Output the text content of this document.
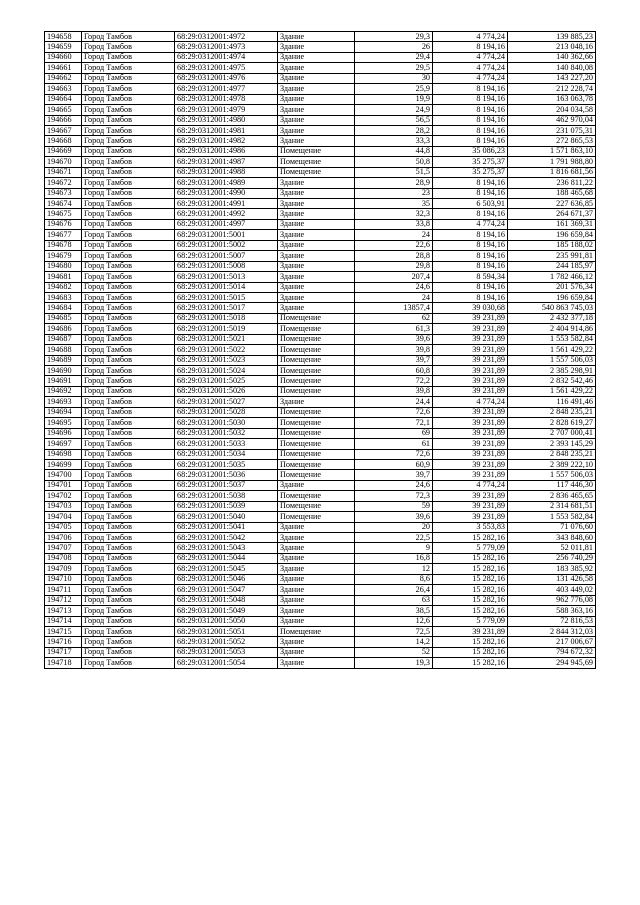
194658	Город Тамбов	68:29:0312001:4972	Здание	29,3	4 774,24	139 885,23
194659	Город Тамбов	68:29:0312001:4973	Здание	26	8 194,16	213 048,16
194660	Город Тамбов	68:29:0312001:4974	Здание	29,4	4 774,24	140 362,66
194661	Город Тамбов	68:29:0312001:4975	Здание	29,5	4 774,24	140 840,08
194662	Город Тамбов	68:29:0312001:4976	Здание	30	4 774,24	143 227,20
194663	Город Тамбов	68:29:0312001:4977	Здание	25,9	8 194,16	212 228,74
194664	Город Тамбов	68:29:0312001:4978	Здание	19,9	8 194,16	163 063,78
194665	Город Тамбов	68:29:0312001:4979	Здание	24,9	8 194,16	204 034,58
194666	Город Тамбов	68:29:0312001:4980	Здание	56,5	8 194,16	462 970,04
194667	Город Тамбов	68:29:0312001:4981	Здание	28,2	8 194,16	231 075,31
194668	Город Тамбов	68:29:0312001:4982	Здание	33,3	8 194,16	272 865,53
194669	Город Тамбов	68:29:0312001:4986	Помещение	44,8	35 086,23	1 571 863,10
194670	Город Тамбов	68:29:0312001:4987	Помещение	50,8	35 275,37	1 791 988,80
194671	Город Тамбов	68:29:0312001:4988	Помещение	51,5	35 275,37	1 816 681,56
194672	Город Тамбов	68:29:0312001:4989	Здание	28,9	8 194,16	236 811,22
194673	Город Тамбов	68:29:0312001:4990	Здание	23	8 194,16	188 465,68
194674	Город Тамбов	68:29:0312001:4991	Здание	35	6 503,91	227 636,85
194675	Город Тамбов	68:29:0312001:4992	Здание	32,3	8 194,16	264 671,37
194676	Город Тамбов	68:29:0312001:4997	Здание	33,8	4 774,24	161 369,31
194677	Город Тамбов	68:29:0312001:5001	Здание	24	8 194,16	196 659,84
194678	Город Тамбов	68:29:0312001:5002	Здание	22,6	8 194,16	185 188,02
194679	Город Тамбов	68:29:0312001:5007	Здание	28,8	8 194,16	235 991,81
194680	Город Тамбов	68:29:0312001:5008	Здание	29,8	8 194,16	244 185,97
194681	Город Тамбов	68:29:0312001:5013	Здание	207,4	8 594,34	1 782 466,12
194682	Город Тамбов	68:29:0312001:5014	Здание	24,6	8 194,16	201 576,34
194683	Город Тамбов	68:29:0312001:5015	Здание	24	8 194,16	196 659,84
194684	Город Тамбов	68:29:0312001:5017	Здание	13857,4	39 030,68	540 863 745,03
194685	Город Тамбов	68:29:0312001:5018	Помещение	62	39 231,89	2 432 377,18
194686	Город Тамбов	68:29:0312001:5019	Помещение	61,3	39 231,89	2 404 914,86
194687	Город Тамбов	68:29:0312001:5021	Помещение	39,6	39 231,89	1 553 582,84
194688	Город Тамбов	68:29:0312001:5022	Помещение	39,8	39 231,89	1 561 429,22
194689	Город Тамбов	68:29:0312001:5023	Помещение	39,7	39 231,89	1 557 506,03
194690	Город Тамбов	68:29:0312001:5024	Помещение	60,8	39 231,89	2 385 298,91
194691	Город Тамбов	68:29:0312001:5025	Помещение	72,2	39 231,89	2 832 542,46
194692	Город Тамбов	68:29:0312001:5026	Помещение	39,8	39 231,89	1 561 429,22
194693	Город Тамбов	68:29:0312001:5027	Здание	24,4	4 774,24	116 491,46
194694	Город Тамбов	68:29:0312001:5028	Помещение	72,6	39 231,89	2 848 235,21
194695	Город Тамбов	68:29:0312001:5030	Помещение	72,1	39 231,89	2 828 619,27
194696	Город Тамбов	68:29:0312001:5032	Помещение	69	39 231,89	2 707 000,41
194697	Город Тамбов	68:29:0312001:5033	Помещение	61	39 231,89	2 393 145,29
194698	Город Тамбов	68:29:0312001:5034	Помещение	72,6	39 231,89	2 848 235,21
194699	Город Тамбов	68:29:0312001:5035	Помещение	60,9	39 231,89	2 389 222,10
194700	Город Тамбов	68:29:0312001:5036	Помещение	39,7	39 231,89	1 557 506,03
194701	Город Тамбов	68:29:0312001:5037	Здание	24,6	4 774,24	117 446,30
194702	Город Тамбов	68:29:0312001:5038	Помещение	72,3	39 231,89	2 836 465,65
194703	Город Тамбов	68:29:0312001:5039	Помещение	59	39 231,89	2 314 681,51
194704	Город Тамбов	68:29:0312001:5040	Помещение	39,6	39 231,89	1 553 582,84
194705	Город Тамбов	68:29:0312001:5041	Здание	20	3 553,83	71 076,60
194706	Город Тамбов	68:29:0312001:5042	Здание	22,5	15 282,16	343 848,60
194707	Город Тамбов	68:29:0312001:5043	Здание	9	5 779,09	52 011,81
194708	Город Тамбов	68:29:0312001:5044	Здание	16,8	15 282,16	256 740,29
194709	Город Тамбов	68:29:0312001:5045	Здание	12	15 282,16	183 385,92
194710	Город Тамбов	68:29:0312001:5046	Здание	8,6	15 282,16	131 426,58
194711	Город Тамбов	68:29:0312001:5047	Здание	26,4	15 282,16	403 449,02
194712	Город Тамбов	68:29:0312001:5048	Здание	63	15 282,16	962 776,08
194713	Город Тамбов	68:29:0312001:5049	Здание	38,5	15 282,16	588 363,16
194714	Город Тамбов	68:29:0312001:5050	Здание	12,6	5 779,09	72 816,53
194715	Город Тамбов	68:29:0312001:5051	Помещение	72,5	39 231,89	2 844 312,03
194716	Город Тамбов	68:29:0312001:5052	Здание	14,2	15 282,16	217 006,67
194717	Город Тамбов	68:29:0312001:5053	Здание	52	15 282,16	794 672,32
194718	Город Тамбов	68:29:0312001:5054	Здание	19,3	15 282,16	294 945,69
